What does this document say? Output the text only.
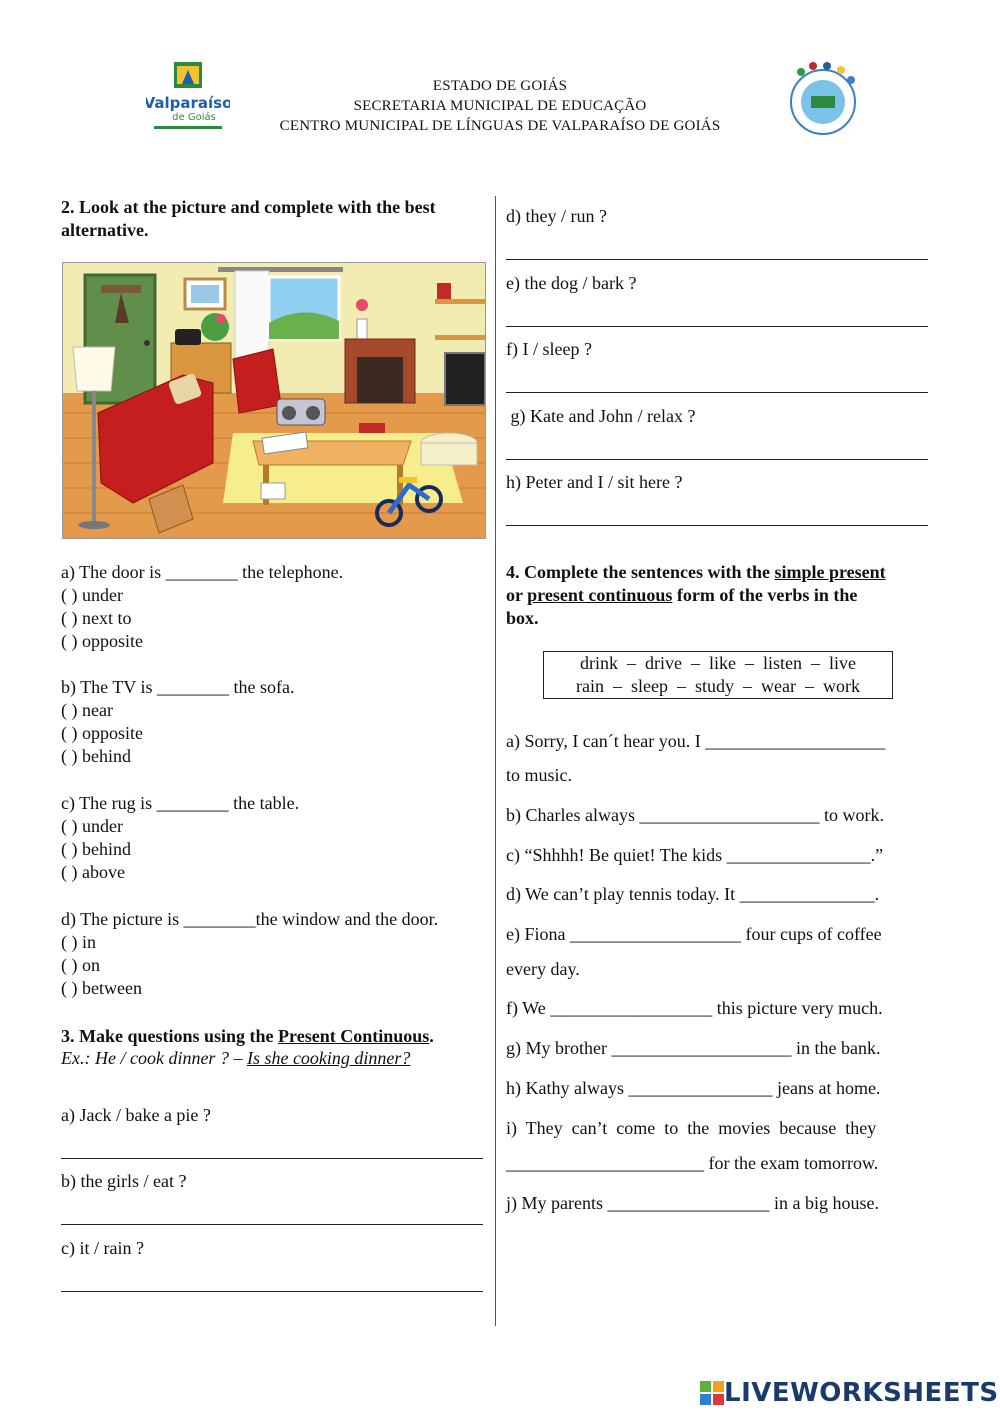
Valparaíso
de Goiás
ESTADO DE GOIÁS
SECRETARIA MUNICIPAL DE EDUCAÇÃO
CENTRO MUNICIPAL DE LÍNGUAS DE VALPARAÍSO DE GOIÁS
2. Look at the picture and complete with the best
alternative.
a) The door is ________ the telephone.
( ) under
( ) next to
( ) opposite
b) The TV is ________ the sofa.
( ) near
( ) opposite
( ) behind
c) The rug is ________ the table.
( ) under
( ) behind
( ) above
d) The picture is ________the window and the door.
( ) in
( ) on
( ) between
3. Make questions using the Present Continuous.
Ex.: He / cook dinner ? – Is she cooking dinner?
a) Jack / bake a pie ?
b) the girls / eat ?
c) it / rain ?
d) they / run ?
e) the dog / bark ?
f) I / sleep ?
g) Kate and John / relax ?
h) Peter and I / sit here ?
4. Complete the sentences with the simple present
or present continuous form of the verbs in the
box.
drink  –  drive  –  like  –  listen  –  live
rain  –  sleep  –  study  –  wear  –  work
a) Sorry, I can´t hear you. I ____________________
to music.
b) Charles always ____________________ to work.
c) “Shhhh! Be quiet! The kids ________________.”
d) We can’t play tennis today. It _______________.
e) Fiona ___________________ four cups of coffee
every day.
f) We __________________ this picture very much.
g) My brother ____________________ in the bank.
h) Kathy always ________________ jeans at home.
i)  They  can’t  come  to  the  movies  because  they
______________________ for the exam tomorrow.
j) My parents __________________ in a big house.
LIVEWORKSHEETS
